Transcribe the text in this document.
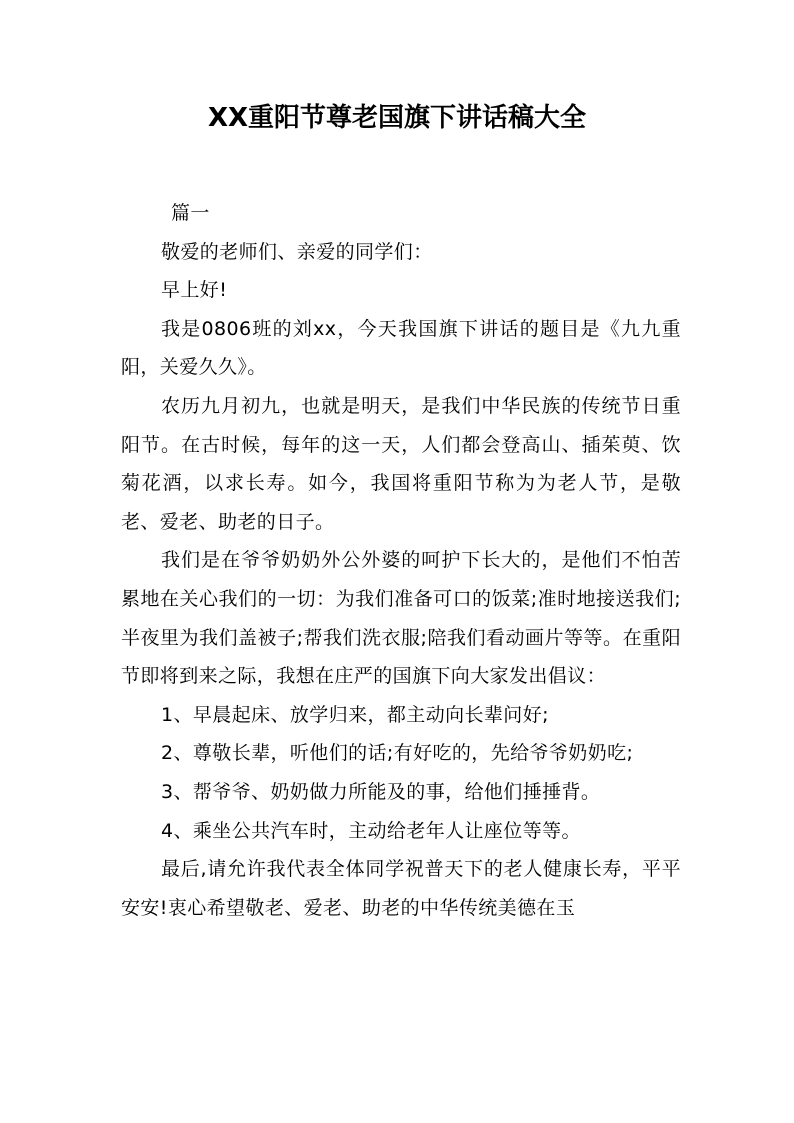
XX重阳节尊老国旗下讲话稿大全

篇一

敬爱的老师们、亲爱的同学们：

早上好!

我是0806班的刘xx，今天我国旗下讲话的题目是《九九重阳，关爱久久》。

农历九月初九，也就是明天，是我们中华民族的传统节日重阳节。在古时候，每年的这一天，人们都会登高山、插茱萸、饮菊花酒，以求长寿。如今，我国将重阳节称为为老人节，是敬老、爱老、助老的日子。

我们是在爷爷奶奶外公外婆的呵护下长大的，是他们不怕苦累地在关心我们的一切：为我们准备可口的饭菜;准时地接送我们;半夜里为我们盖被子;帮我们洗衣服;陪我们看动画片等等。在重阳节即将到来之际，我想在庄严的国旗下向大家发出倡议：

1、早晨起床、放学归来，都主动向长辈问好;

2、尊敬长辈，听他们的话;有好吃的，先给爷爷奶奶吃;

3、帮爷爷、奶奶做力所能及的事，给他们捶捶背。

4、乘坐公共汽车时，主动给老年人让座位等等。

最后,请允许我代表全体同学祝普天下的老人健康长寿，平平安安!衷心希望敬老、爱老、助老的中华传统美德在玉
